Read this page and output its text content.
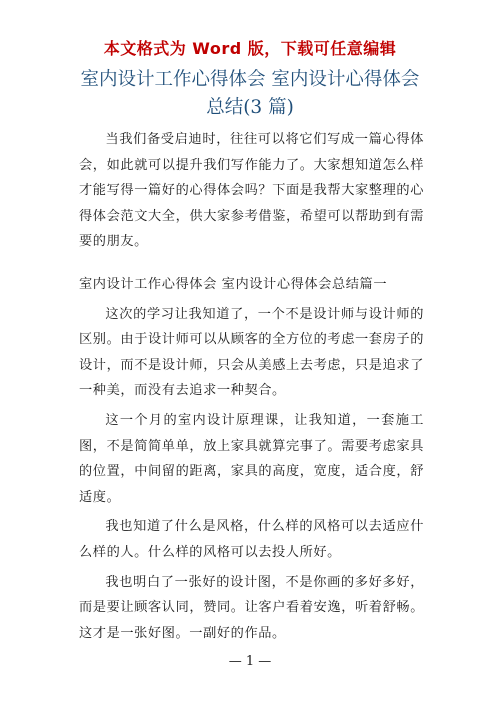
本文格式为 Word 版，下载可任意编辑
室内设计工作心得体会 室内设计心得体会
总结(3 篇)

当我们备受启迪时，往往可以将它们写成一篇心得体会，如此就可以提升我们写作能力了。大家想知道怎么样才能写得一篇好的心得体会吗？下面是我帮大家整理的心得体会范文大全，供大家参考借鉴，希望可以帮助到有需要的朋友。

室内设计工作心得体会 室内设计心得体会总结篇一

这次的学习让我知道了，一个不是设计师与设计师的区别。由于设计师可以从顾客的全方位的考虑一套房子的设计，而不是设计师，只会从美感上去考虑，只是追求了一种美，而没有去追求一种契合。

这一个月的室内设计原理课，让我知道，一套施工图，不是简简单单，放上家具就算完事了。需要考虑家具的位置，中间留的距离，家具的高度，宽度，适合度，舒适度。

我也知道了什么是风格，什么样的风格可以去适应什么样的人。什么样的风格可以去投人所好。

我也明白了一张好的设计图，不是你画的多好多好，而是要让顾客认同，赞同。让客户看着安逸，听着舒畅。这才是一张好图。一副好的作品。

— 1 —
